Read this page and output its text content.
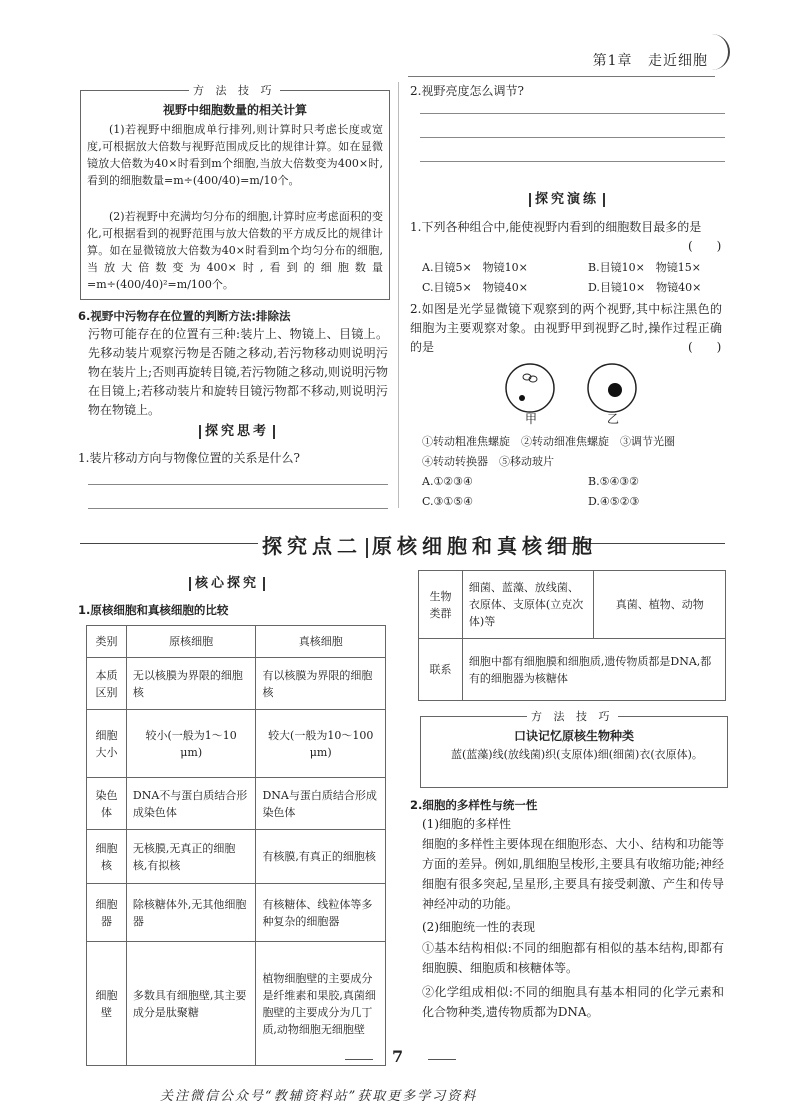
第1章 走近细胞
方 法 技 巧
视野中细胞数量的相关计算
(1)若视野中细胞成单行排列,则计算时只考虑长度或宽度,可根据放大倍数与视野范围成反比的规律计算。如在显微镜放大倍数为40×时看到m个细胞,当放大倍数变为400×时,看到的细胞数量=m÷(400/40)=m/10个。
(2)若视野中充满均匀分布的细胞,计算时应考虑面积的变化,可根据看到的视野范围与放大倍数的平方成反比的规律计算。如在显微镜放大倍数为40×时看到m个均匀分布的细胞,当放大倍数变为400×时,看到的细胞数量=m÷(400/40)²=m/100个。
6.视野中污物存在位置的判断方法:排除法
污物可能存在的位置有三种:装片上、物镜上、目镜上。先移动装片观察污物是否随之移动,若污物移动则说明污物在装片上;否则再旋转目镜,若污物随之移动,则说明污物在目镜上;若移动装片和旋转目镜污物都不移动,则说明污物在物镜上。
探究思考
1.装片移动方向与物像位置的关系是什么?
2.视野亮度怎么调节?
探究演练
1.下列各种组合中,能使视野内看到的细胞数目最多的是
(　　)
A.目镜5×　物镜10×	B.目镜10×　物镜15×
C.目镜5×　物镜40×	D.目镜10×　物镜40×
2.如图是光学显微镜下观察到的两个视野,其中标注黑色的细胞为主要观察对象。由视野甲到视野乙时,操作过程正确的是	(　　)
甲	乙
①转动粗准焦螺旋　②转动细准焦螺旋　③调节光圈
④转动转换器　⑤移动玻片
A.①②③④	B.⑤④③②
C.③①⑤④	D.④⑤②③
探究点二 原核细胞和真核细胞
核心探究
1.原核细胞和真核细胞的比较
类别	原核细胞	真核细胞
本质区别	无以核膜为界限的细胞核	有以核膜为界限的细胞核
细胞大小	较小(一般为1～10 μm)	较大(一般为10～100 μm)
染色体	DNA不与蛋白质结合形成染色体	DNA与蛋白质结合形成染色体
细胞核	无核膜,无真正的细胞核,有拟核	有核膜,有真正的细胞核
细胞器	除核糖体外,无其他细胞器	有核糖体、线粒体等多种复杂的细胞器
细胞壁	多数具有细胞壁,其主要成分是肽聚糖	植物细胞壁的主要成分是纤维素和果胶,真菌细胞壁的主要成分为几丁质,动物细胞无细胞壁
生物类群	细菌、蓝藻、放线菌、衣原体、支原体(立克次体)等	真菌、植物、动物
联系	细胞中都有细胞膜和细胞质,遗传物质都是DNA,都有的细胞器为核糖体	
方 法 技 巧
口诀记忆原核生物种类
蓝(蓝藻)线(放线菌)织(支原体)细(细菌)衣(衣原体)。
2.细胞的多样性与统一性
(1)细胞的多样性
细胞的多样性主要体现在细胞形态、大小、结构和功能等方面的差异。例如,肌细胞呈梭形,主要具有收缩功能;神经细胞有很多突起,呈星形,主要具有接受刺激、产生和传导神经冲动的功能。
(2)细胞统一性的表现
①基本结构相似:不同的细胞都有相似的基本结构,即都有细胞膜、细胞质和核糖体等。
②化学组成相似:不同的细胞具有基本相同的化学元素和化合物种类,遗传物质都为DNA。
7
关注微信公众号“教辅资料站”获取更多学习资料
